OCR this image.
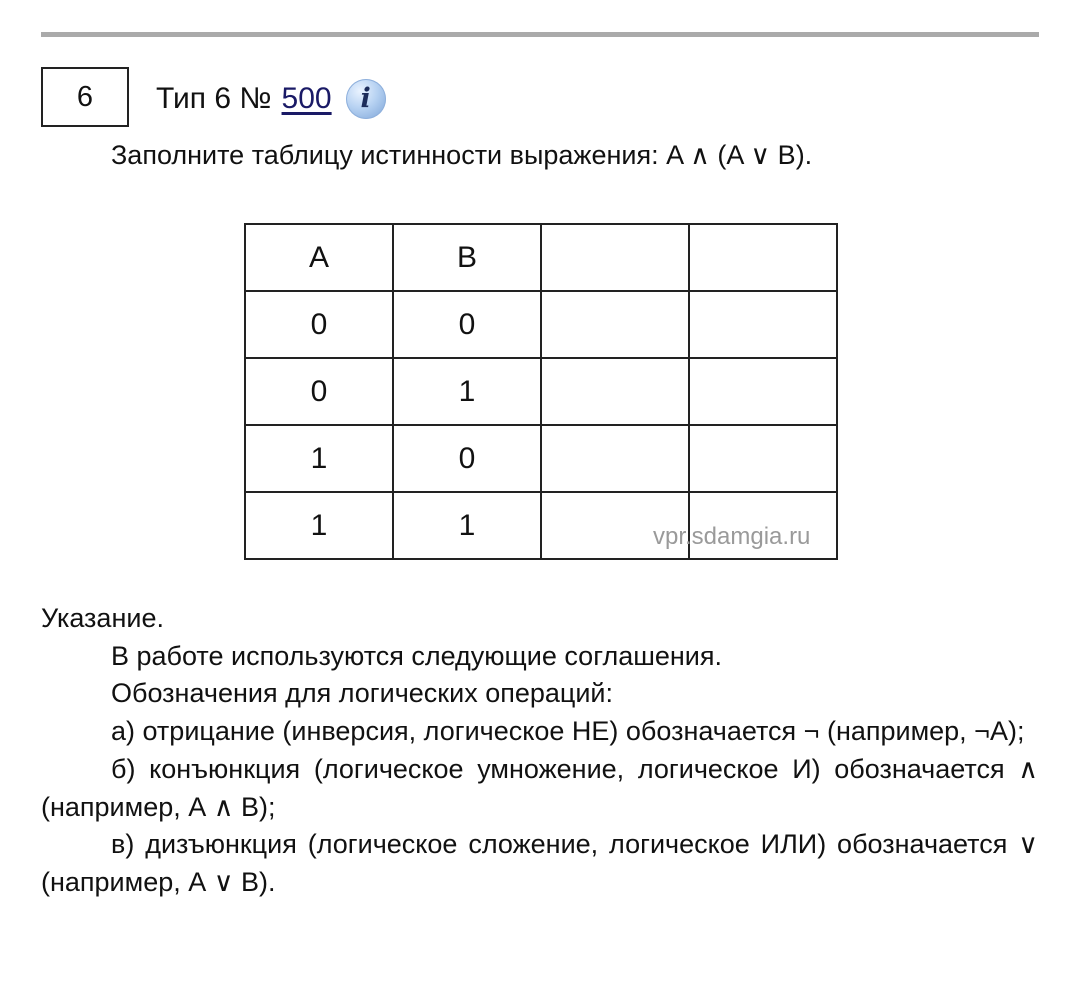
6 Тип 6 № 500	i
Заполните таблицу истинности выражения: A ∧ (A ∨ B).
A	B		
0	0		
0	1		
1	0		
1	1			vpr.sdamgia.ru

Указание.

В работе используются следующие соглашения.

Обозначения для логических операций:

а) отрицание (инверсия, логическое НЕ) обозначается ¬ (например, ¬А);

б) конъюнкция (логическое умножение, логическое И) обозначается ∧ (например, А ∧ В);

в) дизъюнкция (логическое сложение, логическое ИЛИ) обозначается ∨ (например, А ∨ В).
